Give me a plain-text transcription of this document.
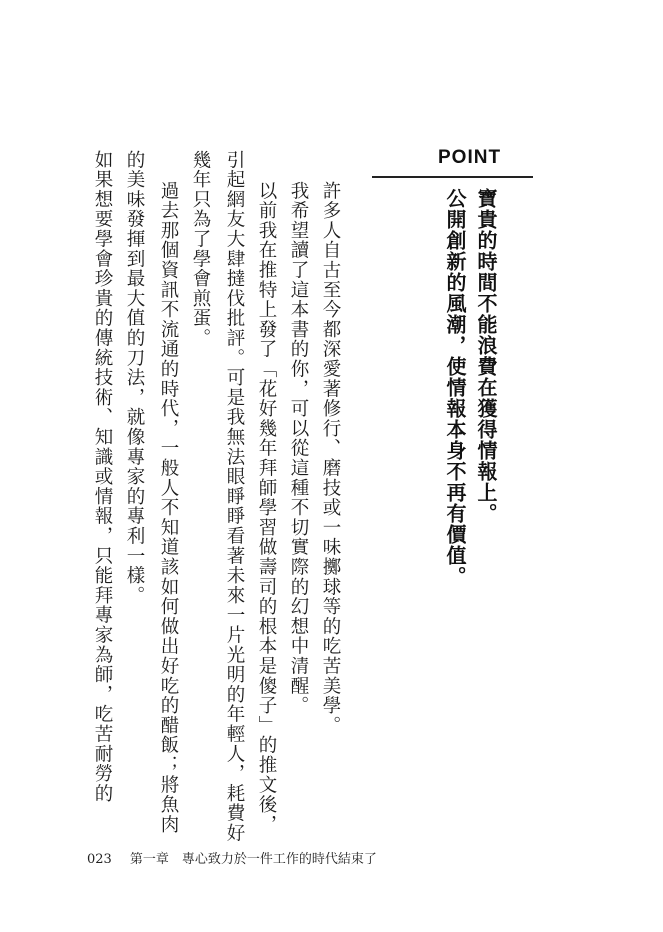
POINT
寶貴的時間不能浪費在獲得情報上。
公開創新的風潮，使情報本身不再有價值。
許多人自古至今都深愛著修行、磨技或一味擲球等的吃苦美學。
我希望讀了這本書的你，可以從這種不切實際的幻想中清醒。
以前我在推特上發了「花好幾年拜師學習做壽司的根本是傻子」的推文後，
引起網友大肆撻伐批評。可是我無法眼睜睜看著未來一片光明的年輕人，耗費好
幾年只為了學會煎蛋。
過去那個資訊不流通的時代，一般人不知道該如何做出好吃的醋飯；將魚肉
的美味發揮到最大值的刀法，就像專家的專利一樣。
如果想要學會珍貴的傳統技術、知識或情報，只能拜專家為師，吃苦耐勞的
023 第一章　專心致力於一件工作的時代結束了
